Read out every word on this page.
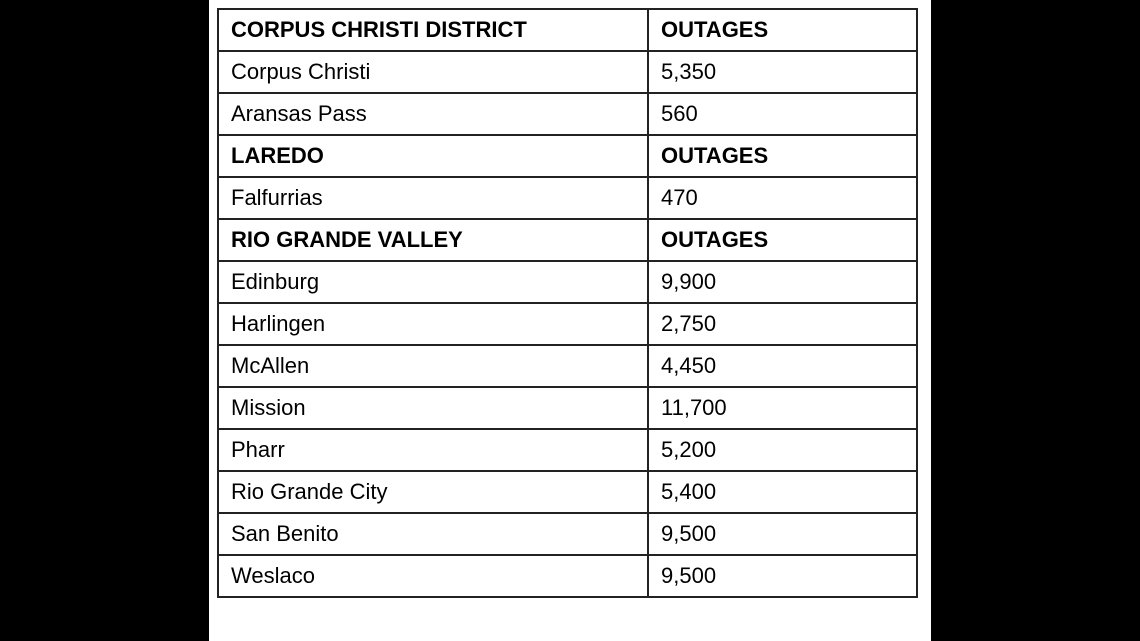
CORPUS CHRISTI DISTRICT	OUTAGES
Corpus Christi	5,350
Aransas Pass	560
LAREDO	OUTAGES
Falfurrias	470
RIO GRANDE VALLEY	OUTAGES
Edinburg	9,900
Harlingen	2,750
McAllen	4,450
Mission	11,700
Pharr	5,200
Rio Grande City	5,400
San Benito	9,500
Weslaco	9,500
